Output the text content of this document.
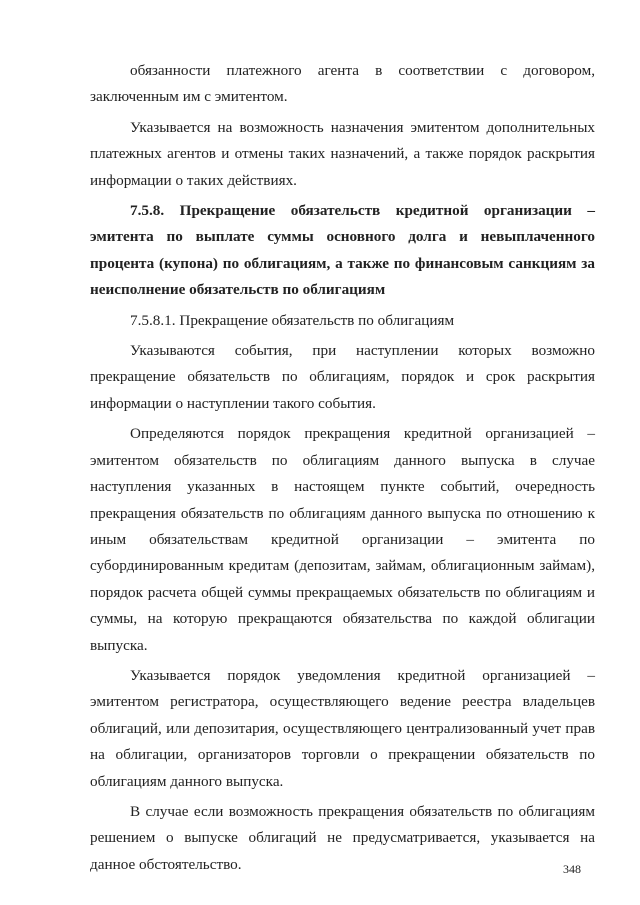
обязанности платежного агента в соответствии с договором, заключенным им с эмитентом.

Указывается на возможность назначения эмитентом дополнительных платежных агентов и отмены таких назначений, а также порядок раскрытия информации о таких действиях.

7.5.8. Прекращение обязательств кредитной организации – эмитента по выплате суммы основного долга и невыплаченного процента (купона) по облигациям, а также по финансовым санкциям за неисполнение обязательств по облигациям

7.5.8.1. Прекращение обязательств по облигациям

Указываются события, при наступлении которых возможно прекращение обязательств по облигациям, порядок и срок раскрытия информации о наступлении такого события.

Определяются порядок прекращения кредитной организацией – эмитентом обязательств по облигациям данного выпуска в случае наступления указанных в настоящем пункте событий, очередность прекращения обязательств по облигациям данного выпуска по отношению к иным обязательствам кредитной организации – эмитента по субординированным кредитам (депозитам, займам, облигационным займам), порядок расчета общей суммы прекращаемых обязательств по облигациям и суммы, на которую прекращаются обязательства по каждой облигации выпуска.

Указывается порядок уведомления кредитной организацией – эмитентом регистратора, осуществляющего ведение реестра владельцев облигаций, или депозитария, осуществляющего централизованный учет прав на облигации, организаторов торговли о прекращении обязательств по облигациям данного выпуска.

В случае если возможность прекращения обязательств по облигациям решением о выпуске облигаций не предусматривается, указывается на данное обстоятельство.	348
